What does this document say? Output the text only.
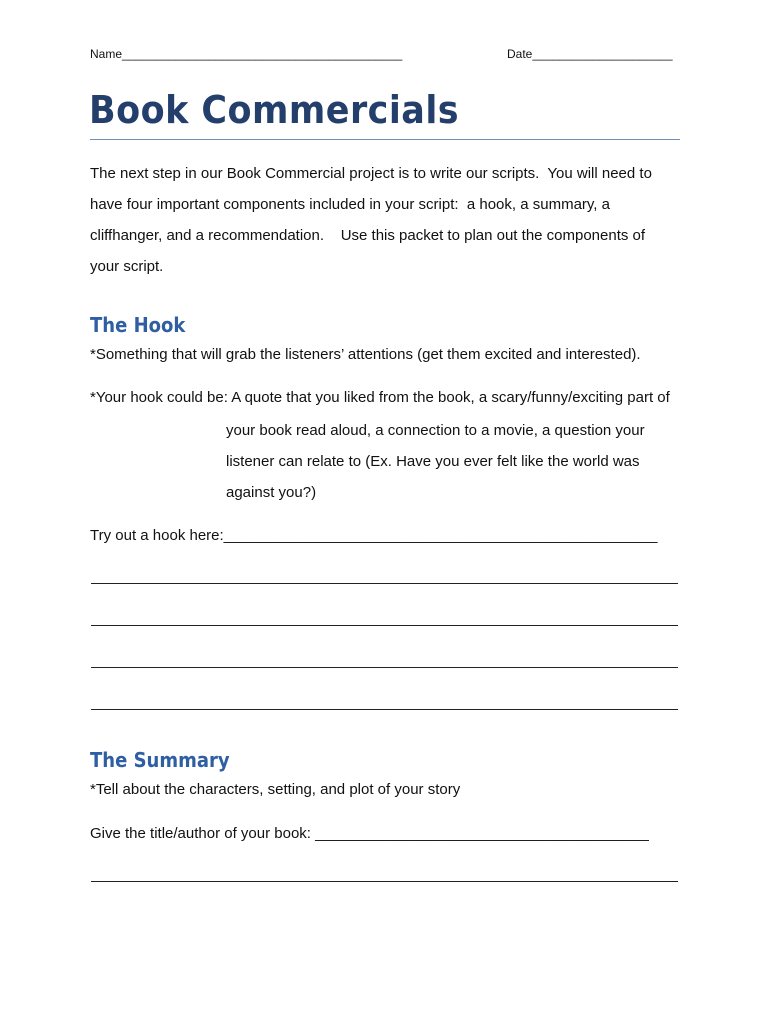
Name__________________________________________	Date_____________________
Book Commercials
The next step in our Book Commercial project is to write our scripts.  You will need to
have four important components included in your script:  a hook, a summary, a
cliffhanger, and a recommendation.    Use this packet to plan out the components of
your script.
The Hook
*Something that will grab the listeners’ attentions (get them excited and interested).
*Your hook could be: A quote that you liked from the book, a scary/funny/exciting part of
your book read aloud, a connection to a movie, a question your
listener can relate to (Ex. Have you ever felt like the world was
against you?)
Try out a hook here:____________________________________________________
The Summary
*Tell about the characters, setting, and plot of your story
Give the title/author of your book: ________________________________________
